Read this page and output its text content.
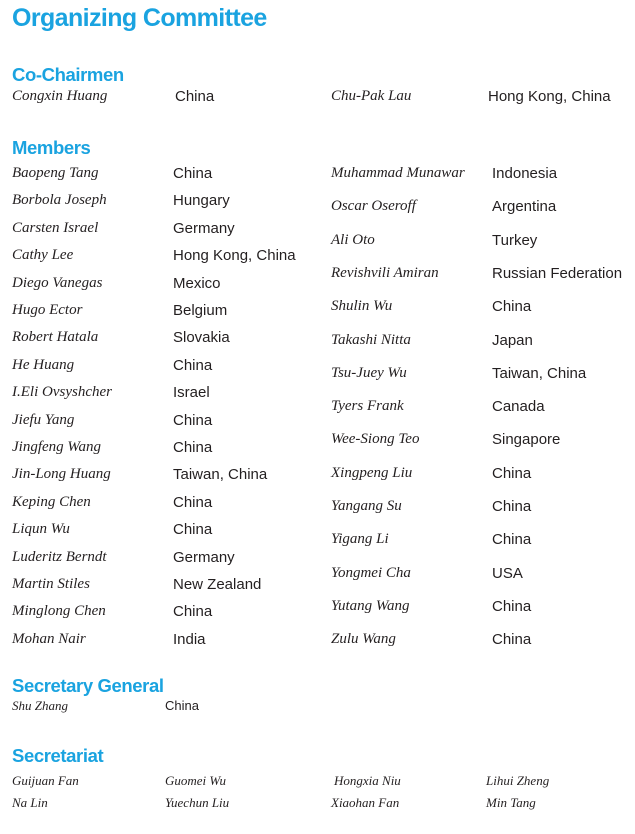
Organizing Committee
Co-Chairmen
Congxin Huang	China	Chu-Pak Lau	Hong Kong, China
Members
Baopeng Tang	China
Borbola Joseph	Hungary
Carsten Israel	Germany
Cathy Lee	Hong Kong, China
Diego Vanegas	Mexico
Hugo Ector	Belgium
Robert Hatala	Slovakia
He Huang	China
I.Eli Ovsyshcher	Israel
Jiefu Yang	China
Jingfeng Wang	China
Jin-Long Huang	Taiwan, China
Keping Chen	China
Liqun Wu	China
Luderitz Berndt	Germany
Martin Stiles	New Zealand
Minglong Chen	China
Mohan Nair	India
Muhammad Munawar Indonesia
Oscar Oseroff	Argentina
Ali Oto	Turkey
Revishvili Amiran	Russian Federation
Shulin Wu	China
Takashi Nitta	Japan
Tsu-Juey Wu	Taiwan, China
Tyers Frank	Canada
Wee-Siong Teo	Singapore
Xingpeng Liu	China
Yangang Su	China
Yigang Li	China
Yongmei Cha	USA
Yutang Wang	China
Zulu Wang	China
Secretary General
Shu Zhang	China
Secretariat
Guijuan Fan	Guomei Wu	Hongxia Niu	Lihui Zheng
Na Lin	Yuechun Liu	Xiaohan Fan	Min Tang
